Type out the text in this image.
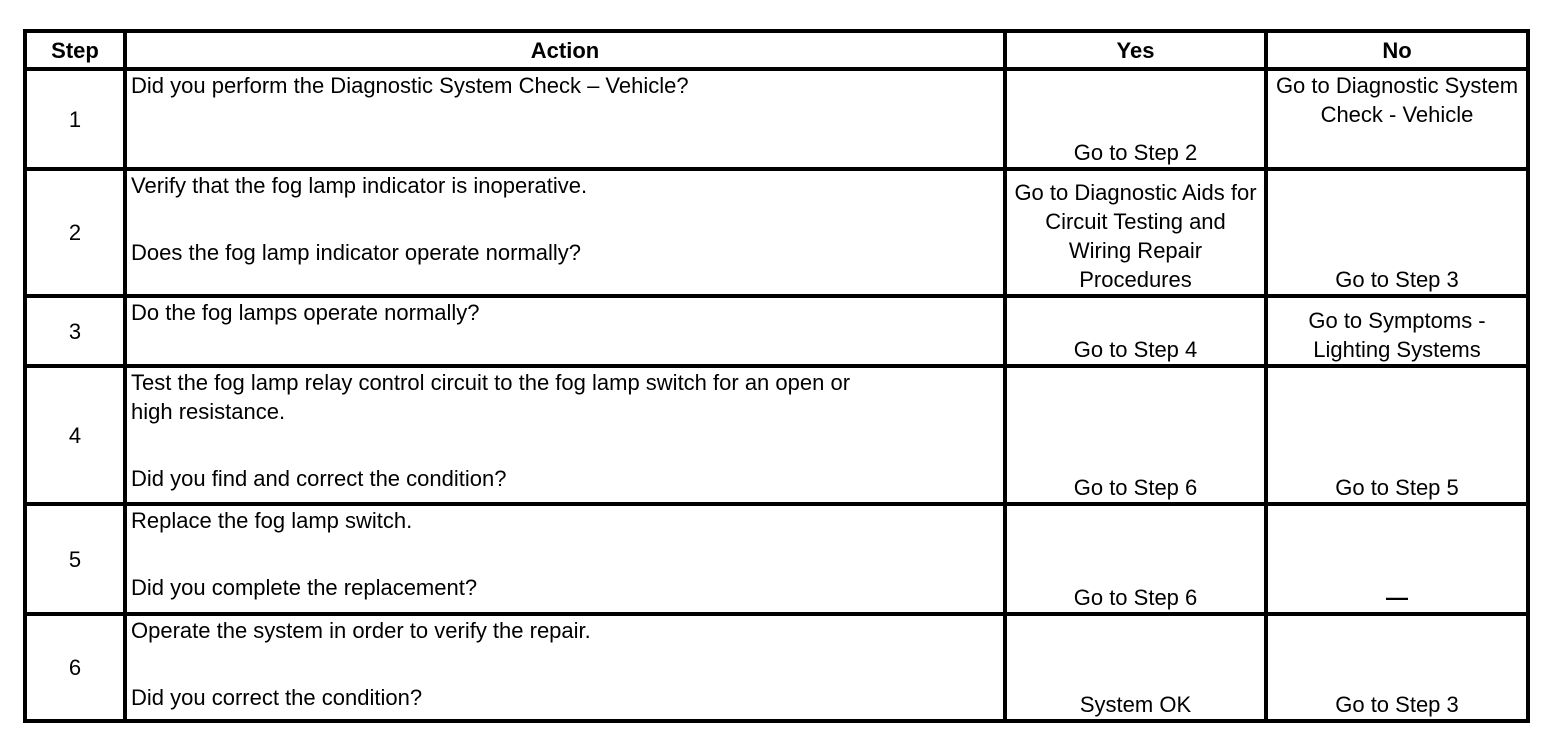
Step	Action	Yes	No
1	Did you perform the Diagnostic System Check – Vehicle?	Go to Step 2	Go to Diagnostic System Check - Vehicle
2	Verify that the fog lamp indicator is inoperative.
Does the fog lamp indicator operate normally?	Go to Diagnostic Aids for Circuit Testing and Wiring Repair Procedures	Go to Step 3
3	Do the fog lamps operate normally?	Go to Step 4	Go to Symptoms - Lighting Systems
4	Test the fog lamp relay control circuit to the fog lamp switch for an open or
high resistance.
Did you find and correct the condition?	Go to Step 6	Go to Step 5
5	Replace the fog lamp switch.
Did you complete the replacement?	Go to Step 6	—
6	Operate the system in order to verify the repair.
Did you correct the condition?	System OK	Go to Step 3
